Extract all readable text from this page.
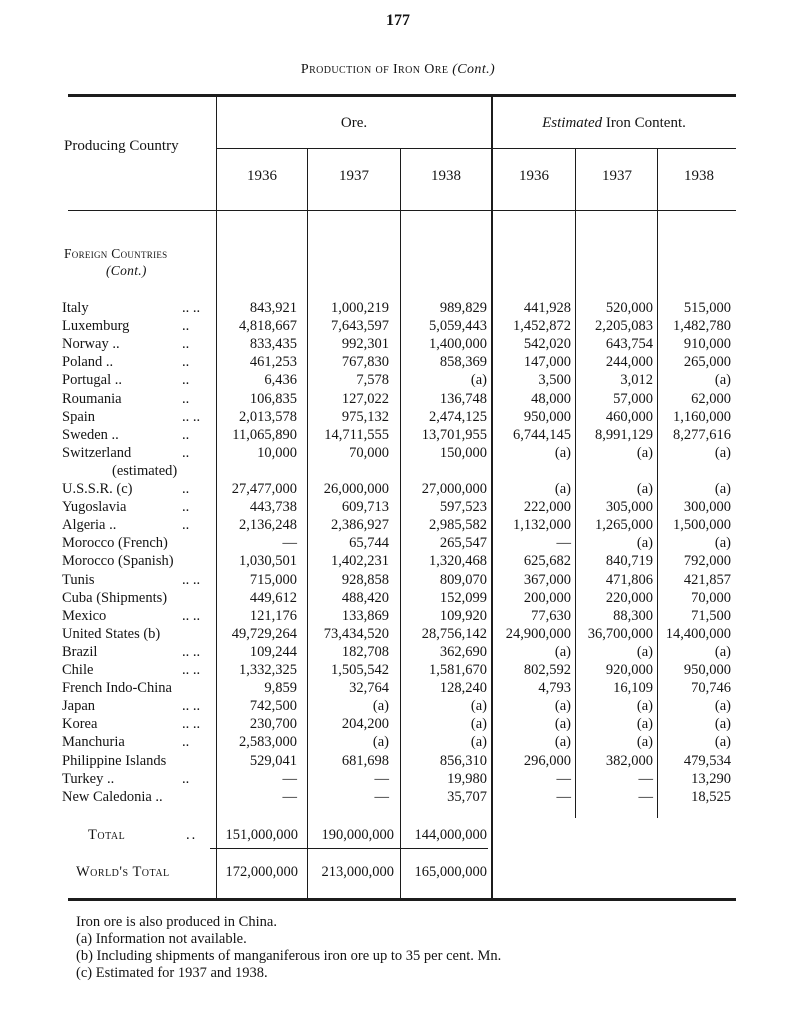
177
Production of Iron Ore (Cont.)
Producing Country
Ore.	Estimated Iron Content.
1936	1937	1938	1936	1937	1938
Foreign Countries
(Cont.)
Italy	.. ..	843,921	1,000,219	989,829	441,928	520,000	515,000
Luxemburg	..	4,818,667	7,643,597	5,059,443	1,452,872	2,205,083	1,482,780
Norway ..	..	833,435	992,301	1,400,000	542,020	643,754	910,000
Poland ..	..	461,253	767,830	858,369	147,000	244,000	265,000
Portugal ..	..	6,436	7,578	(a)	3,500	3,012	(a)
Roumania	..	106,835	127,022	136,748	48,000	57,000	62,000
Spain	.. ..	2,013,578	975,132	2,474,125	950,000	460,000	1,160,000
Sweden ..	..	11,065,890	14,711,555	13,701,955	6,744,145	8,991,129	8,277,616
Switzerland	..	10,000	70,000	150,000	(a)	(a)	(a)
(estimated)
U.S.S.R. (c)	..	27,477,000	26,000,000	27,000,000	(a)	(a)	(a)
Yugoslavia	..	443,738	609,713	597,523	222,000	305,000	300,000
Algeria ..	..	2,136,248	2,386,927	2,985,582	1,132,000	1,265,000	1,500,000
Morocco (French)	—	65,744	265,547	—	(a)	(a)
Morocco (Spanish)	1,030,501	1,402,231	1,320,468	625,682	840,719	792,000
Tunis	.. ..	715,000	928,858	809,070	367,000	471,806	421,857
Cuba (Shipments)	449,612	488,420	152,099	200,000	220,000	70,000
Mexico	.. ..	121,176	133,869	109,920	77,630	88,300	71,500
United States (b)	49,729,264	73,434,520	28,756,142	24,900,000	36,700,000 14,400,000
Brazil	.. ..	109,244	182,708	362,690	(a)	(a)	(a)
Chile	.. ..	1,332,325	1,505,542	1,581,670	802,592	920,000	950,000
French Indo-China	9,859	32,764	128,240	4,793	16,109	70,746
Japan	.. ..	742,500	(a)	(a)	(a)	(a)	(a)
Korea	.. ..	230,700	204,200	(a)	(a)	(a)	(a)
Manchuria	..	2,583,000	(a)	(a)	(a)	(a)	(a)
Philippine Islands	529,041	681,698	856,310	296,000	382,000	479,534
Turkey ..	..	—	—	19,980	—	—	13,290
New Caledonia ..	—	—	35,707	—	—	18,525
Total	..	151,000,000	190,000,000	144,000,000
World's Total	172,000,000	213,000,000	165,000,000
Iron ore is also produced in China.
(a) Information not available.
(b) Including shipments of manganiferous iron ore up to 35 per cent. Mn.
(c) Estimated for 1937 and 1938.
